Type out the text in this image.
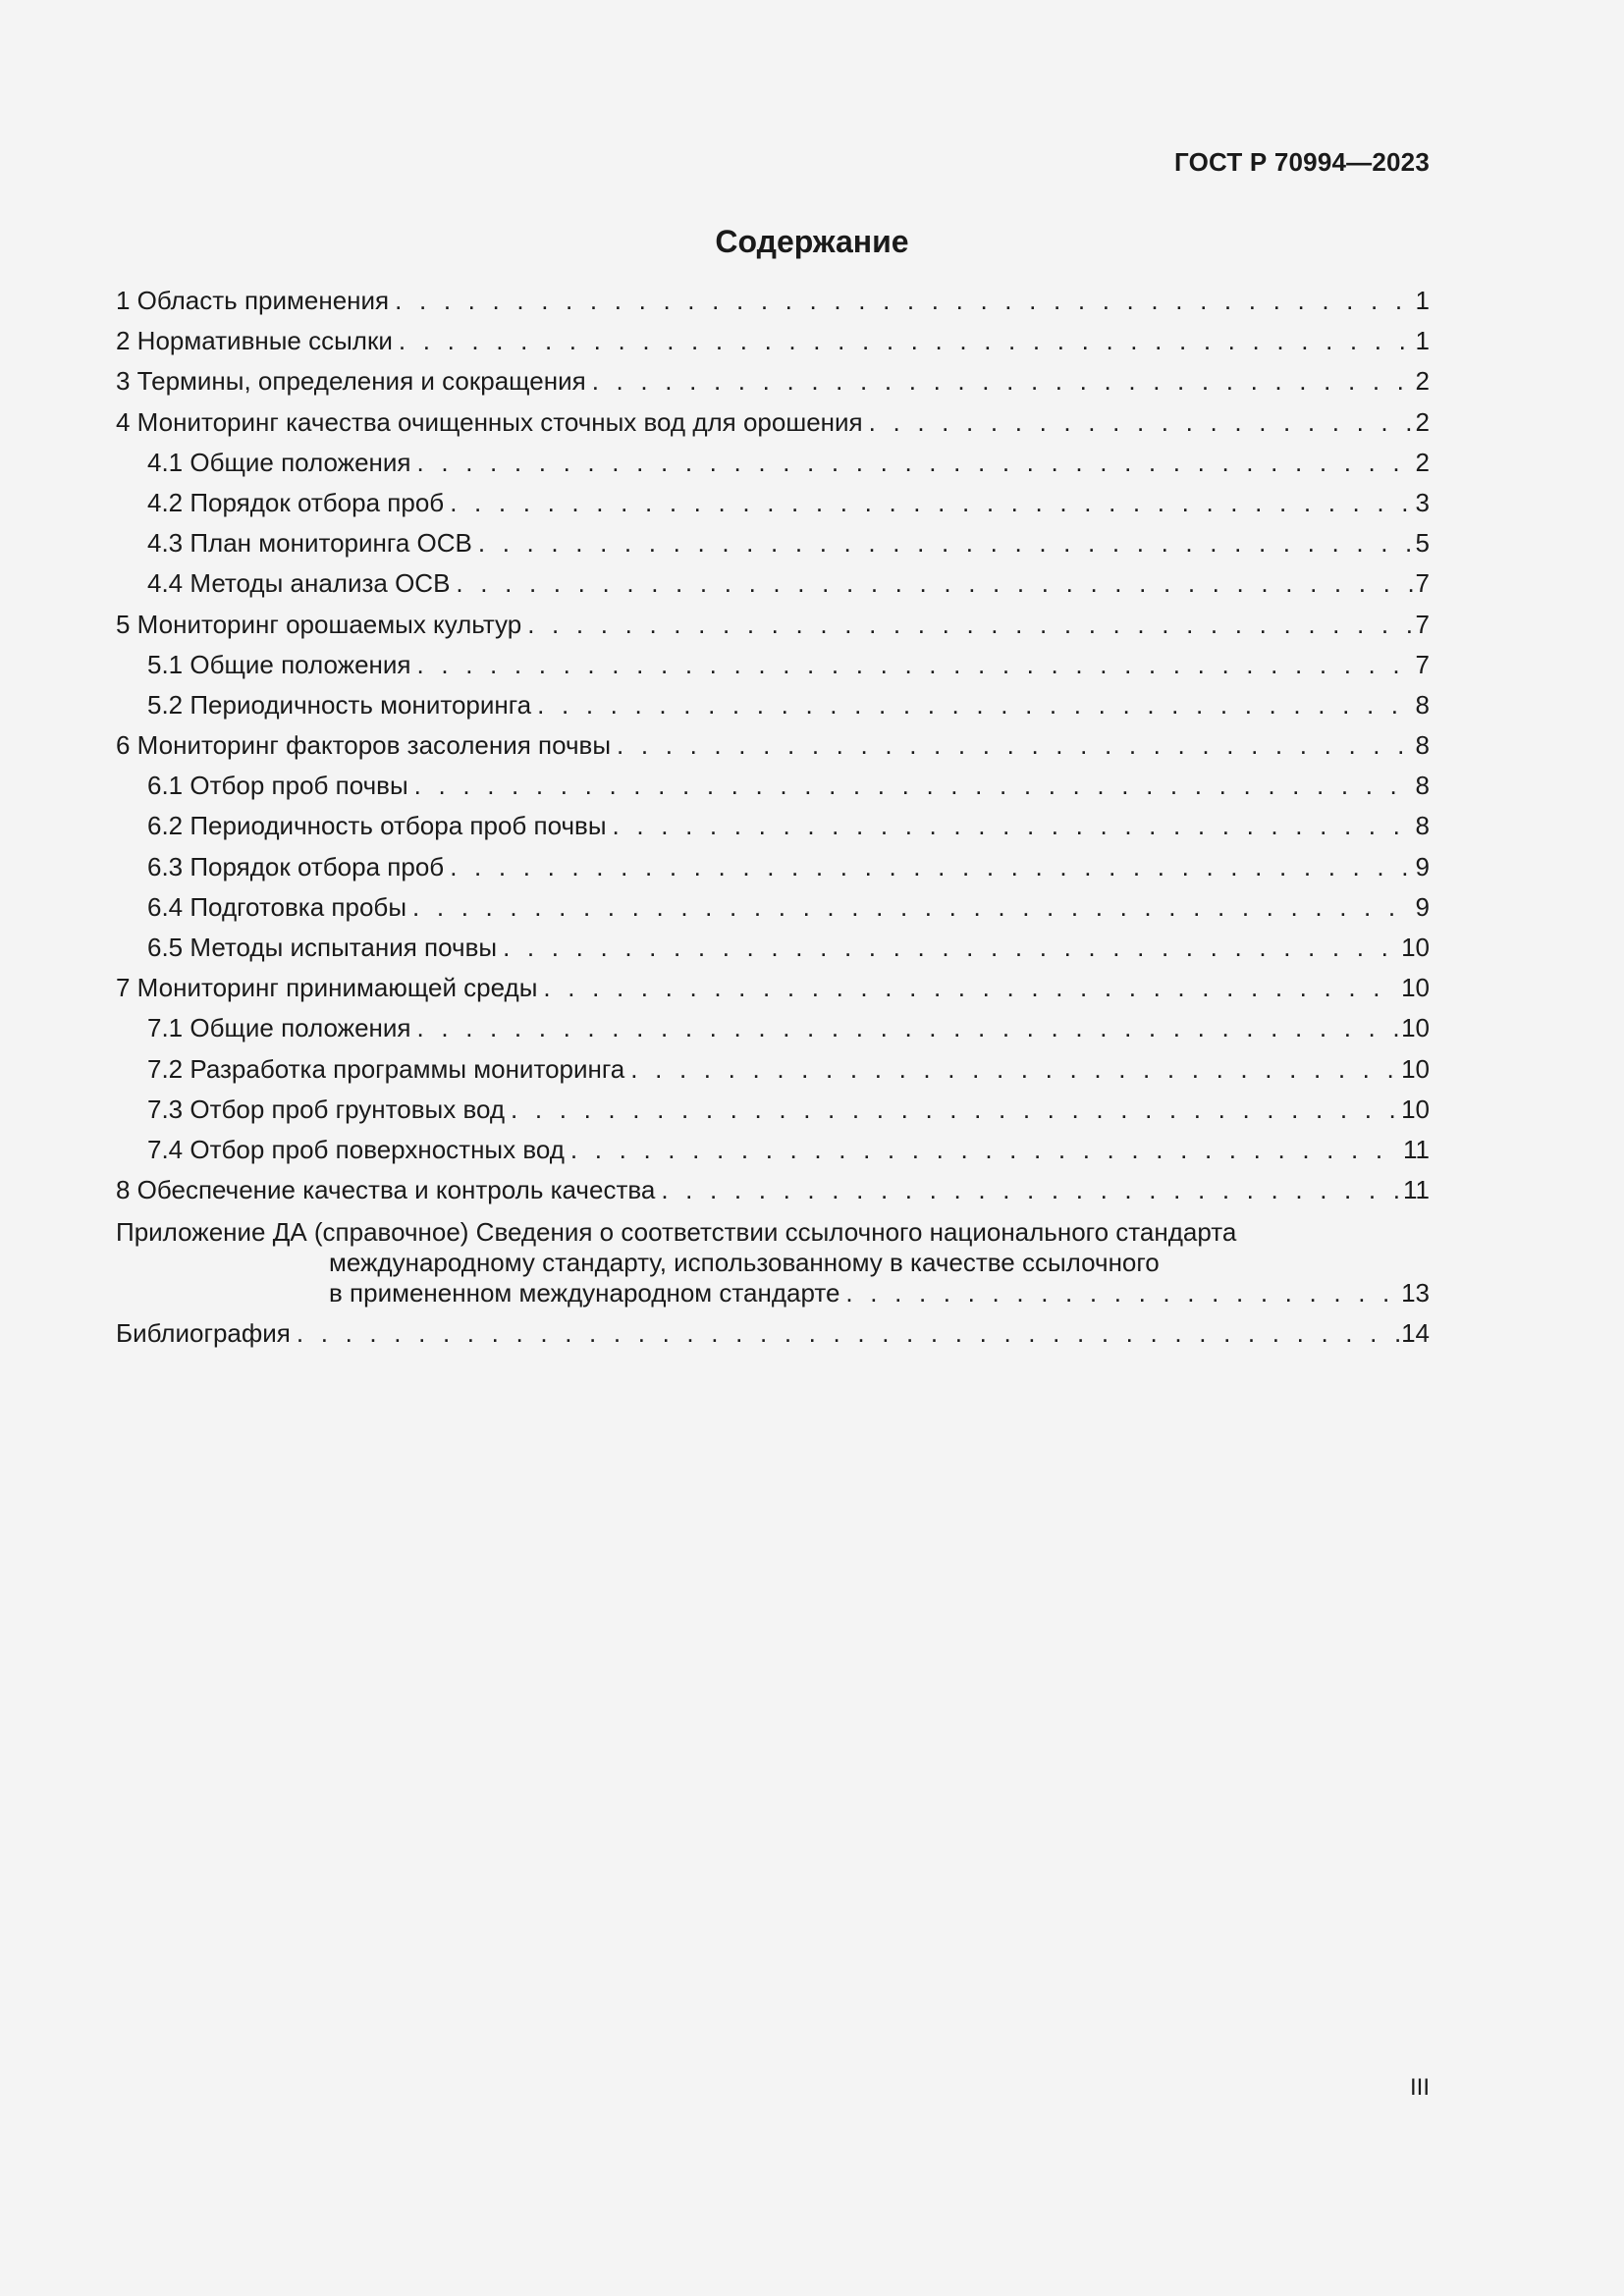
ГОСТ Р 70994—2023
Содержание
1 Область применения . . .	1
2 Нормативные ссылки . . .	1
3 Термины, определения и сокращения . . .	2
4 Мониторинг качества очищенных сточных вод для орошения . . .	2
4.1 Общие положения . . .	2
4.2 Порядок отбора проб . . .	3
4.3 План мониторинга ОСВ . . .	5
4.4 Методы анализа ОСВ . . .	7
5 Мониторинг орошаемых культур . . .	7
5.1 Общие положения . . .	7
5.2 Периодичность мониторинга . . .	8
6 Мониторинг факторов засоления почвы . . .	8
6.1 Отбор проб почвы . . .	8
6.2 Периодичность отбора проб почвы . . .	8
6.3 Порядок отбора проб . . .	9
6.4 Подготовка пробы . . .	9
6.5 Методы испытания почвы . . .	10
7 Мониторинг принимающей среды . . .	10
7.1 Общие положения . . .	10
7.2 Разработка программы мониторинга . . .	10
7.3 Отбор проб грунтовых вод . . .	10
7.4 Отбор проб поверхностных вод . . .	11
8 Обеспечение качества и контроль качества . . .	11
Приложение ДА (справочное) Сведения о соответствии ссылочного национального стандарта
международному стандарту, использованному в качестве ссылочного
в примененном международном стандарте . . .	13
Библиография . . .	14
III
